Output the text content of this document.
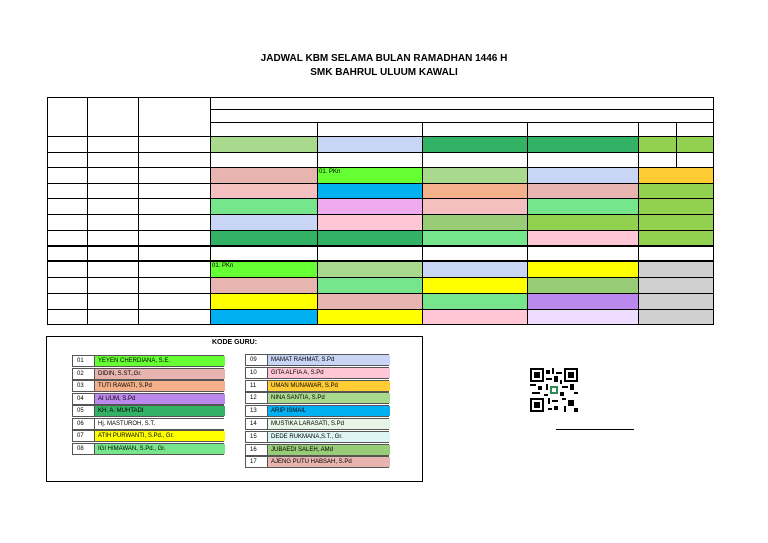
JADWAL KBM SELAMA BULAN RAMADHAN 1446 H
SMK BAHRUL ULUUM KAWALI
01. PKn
01. PKn
KODE GURU:
01	YEYEN CHERDIANA, S.E.
02	DIDIN, S.ST.,Gr.
03	TUTI RAWATI, S.Pd
04	AI UUM, S.Pd
05	KH. A. MUHTADI
06	Hj. MASTUROH, S.T.
07	ATIH PURWANTI, S.Pd., Gr.
08	IGI HIMAWAN, S.Pd., Gr.
09	MAMAT RAHMAT, S.Pd
10	GITA ALFIA A, S.Pd
11	UMAN MUNAWAR, S.Pd
12	NINA SANTIA, S.Pd
13	ARIP ISMAIL
14	MUSTIKA LARASATI, S.Pd
15	DEDE RUKMANA,S.T., Gr.
16	JUBAEDI SALEH, AMd
17	AJENG PUTU HABSAH, S.Pd
